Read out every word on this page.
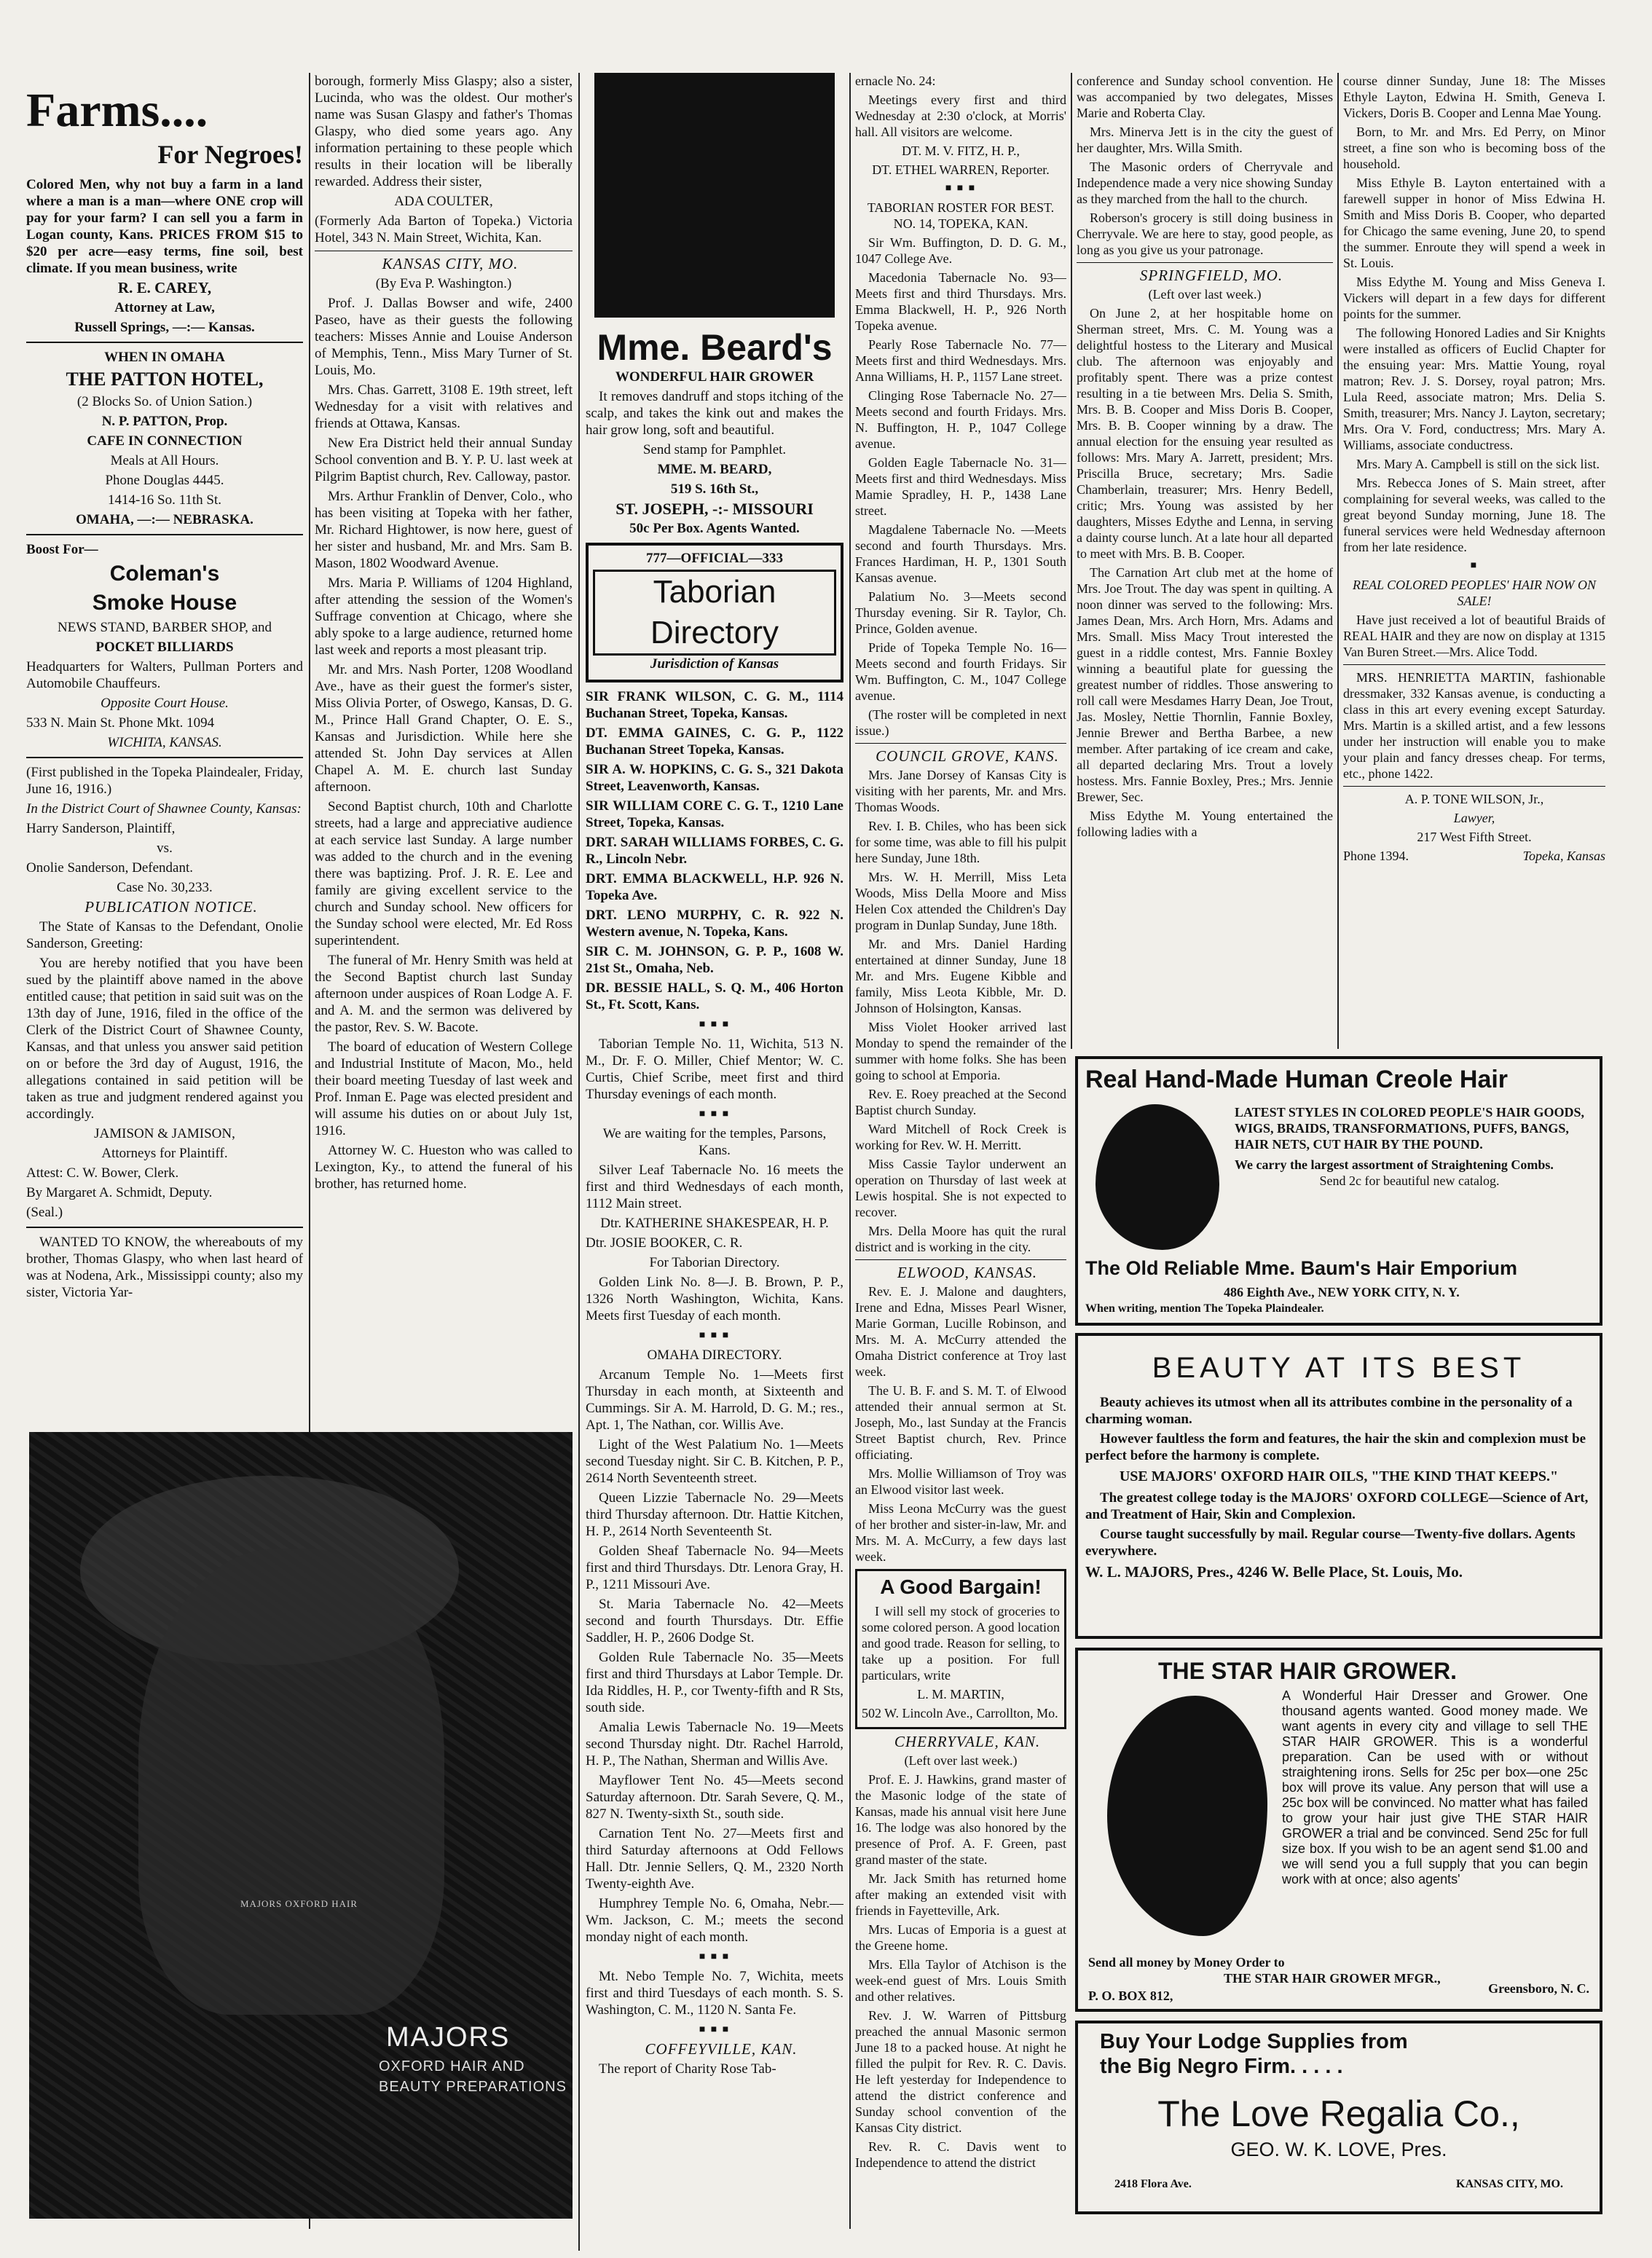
Farms....
For Negroes!

Colored Men, why not buy a farm in a land where a man is a man—where ONE crop will pay for your farm? I can sell you a farm in Logan county, Kans. PRICES FROM $15 to $20 per acre—easy terms, fine soil, best climate. If you mean business, write

R. E. CAREY,

Attorney at Law,

Russell Springs, —:— Kansas.

WHEN IN OMAHA

THE PATTON HOTEL,

(2 Blocks So. of Union Sation.)

N. P. PATTON, Prop.

CAFE IN CONNECTION

Meals at All Hours.

Phone Douglas 4445.

1414-16 So. 11th St.

OMAHA, —:— NEBRASKA.

Boost For—

Coleman's

Smoke House

NEWS STAND, BARBER SHOP, and

POCKET BILLIARDS

Headquarters for Walters, Pullman Porters and Automobile Chauffeurs.

Opposite Court House.

533 N. Main St. Phone Mkt. 1094

WICHITA, KANSAS.

(First published in the Topeka Plaindealer, Friday, June 16, 1916.)

In the District Court of Shawnee County, Kansas:

Harry Sanderson, Plaintiff,

vs.

Onolie Sanderson, Defendant.

Case No. 30,233.

PUBLICATION NOTICE.

The State of Kansas to the Defendant, Onolie Sanderson, Greeting:

You are hereby notified that you have been sued by the plaintiff above named in the above entitled cause; that petition in said suit was on the 13th day of June, 1916, filed in the office of the Clerk of the District Court of Shawnee County, Kansas, and that unless you answer said petition on or before the 3rd day of August, 1916, the allegations contained in said petition will be taken as true and judgment rendered against you accordingly.

JAMISON & JAMISON,

Attorneys for Plaintiff.

Attest: C. W. Bower, Clerk.

By Margaret A. Schmidt, Deputy.

(Seal.)

WANTED TO KNOW, the whereabouts of my brother, Thomas Glaspy, who when last heard of was at Nodena, Ark., Mississippi county; also my sister, Victoria Yar-

borough, formerly Miss Glaspy; also a sister, Lucinda, who was the oldest. Our mother's name was Susan Glaspy and father's Thomas Glaspy, who died some years ago. Any information pertaining to these people which results in their location will be liberally rewarded. Address their sister,

ADA COULTER,

(Formerly Ada Barton of Topeka.) Victoria Hotel, 343 N. Main Street, Wichita, Kan.

KANSAS CITY, MO.

(By Eva P. Washington.)

Prof. J. Dallas Bowser and wife, 2400 Paseo, have as their guests the following teachers: Misses Annie and Louise Anderson of Memphis, Tenn., Miss Mary Turner of St. Louis, Mo.

Mrs. Chas. Garrett, 3108 E. 19th street, left Wednesday for a visit with relatives and friends at Ottawa, Kansas.

New Era District held their annual Sunday School convention and B. Y. P. U. last week at Pilgrim Baptist church, Rev. Calloway, pastor.

Mrs. Arthur Franklin of Denver, Colo., who has been visiting at Topeka with her father, Mr. Richard Hightower, is now here, guest of her sister and husband, Mr. and Mrs. Sam B. Mason, 1802 Woodward Avenue.

Mrs. Maria P. Williams of 1204 Highland, after attending the session of the Women's Suffrage convention at Chicago, where she ably spoke to a large audience, returned home last week and reports a most pleasant trip.

Mr. and Mrs. Nash Porter, 1208 Woodland Ave., have as their guest the former's sister, Miss Olivia Porter, of Oswego, Kansas, D. G. M., Prince Hall Grand Chapter, O. E. S., Kansas and Jurisdiction. While here she attended St. John Day services at Allen Chapel A. M. E. church last Sunday afternoon.

Second Baptist church, 10th and Charlotte streets, had a large and appreciative audience at each service last Sunday. A large number was added to the church and in the evening there was baptizing. Prof. J. R. E. Lee and family are giving excellent service to the church and Sunday school. New officers for the Sunday school were elected, Mr. Ed Ross superintendent.

The funeral of Mr. Henry Smith was held at the Second Baptist church last Sunday afternoon under auspices of Roan Lodge A. F. and A. M. and the sermon was delivered by the pastor, Rev. S. W. Bacote.

The board of education of Western College and Industrial Institute of Macon, Mo., held their board meeting Tuesday of last week and Prof. Inman E. Page was elected president and will assume his duties on or about July 1st, 1916.

Attorney W. C. Hueston who was called to Lexington, Ky., to attend the funeral of his brother, has returned home.

MAJORS OXFORD HAIR
MAJORS
OXFORD HAIR AND
BEAUTY PREPARATIONS
Mme. Beard's

WONDERFUL HAIR GROWER

It removes dandruff and stops itching of the scalp, and takes the kink out and makes the hair grow long, soft and beautiful.

Send stamp for Pamphlet.

MME. M. BEARD,

519 S. 16th St.,

ST. JOSEPH, -:- MISSOURI

50c Per Box. Agents Wanted.

777—OFFICIAL—333

Taborian Directory

Jurisdiction of Kansas

SIR FRANK WILSON, C. G. M., 1114 Buchanan Street, Topeka, Kansas.

DT. EMMA GAINES, C. G. P., 1122 Buchanan Street Topeka, Kansas.

SIR A. W. HOPKINS, C. G. S., 321 Dakota Street, Leavenworth, Kansas.

SIR WILLIAM CORE C. G. T., 1210 Lane Street, Topeka, Kansas.

DRT. SARAH WILLIAMS FORBES, C. G. R., Lincoln Nebr.

DRT. EMMA BLACKWELL, H.P. 926 N. Topeka Ave.

DRT. LENO MURPHY, C. R. 922 N. Western avenue, N. Topeka, Kans.

SIR C. M. JOHNSON, G. P. P., 1608 W. 21st St., Omaha, Neb.

DR. BESSIE HALL, S. Q. M., 406 Horton St., Ft. Scott, Kans.

■ ■ ■

Taborian Temple No. 11, Wichita, 513 N. M., Dr. F. O. Miller, Chief Mentor; W. C. Curtis, Chief Scribe, meet first and third Thursday evenings of each month.

■ ■ ■

We are waiting for the temples, Parsons, Kans.

Silver Leaf Tabernacle No. 16 meets the first and third Wednesdays of each month, 1112 Main street.

Dtr. KATHERINE SHAKESPEAR, H. P.

Dtr. JOSIE BOOKER, C. R.

For Taborian Directory.

Golden Link No. 8—J. B. Brown, P. P., 1326 North Washington, Wichita, Kans. Meets first Tuesday of each month.

■ ■ ■

OMAHA DIRECTORY.

Arcanum Temple No. 1—Meets first Thursday in each month, at Sixteenth and Cummings. Sir A. M. Harrold, D. G. M.; res., Apt. 1, The Nathan, cor. Willis Ave.

Light of the West Palatium No. 1—Meets second Tuesday night. Sir C. B. Kitchen, P. P., 2614 North Seventeenth street.

Queen Lizzie Tabernacle No. 29—Meets third Thursday afternoon. Dtr. Hattie Kitchen, H. P., 2614 North Seventeenth St.

Golden Sheaf Tabernacle No. 94—Meets first and third Thursdays. Dtr. Lenora Gray, H. P., 1211 Missouri Ave.

St. Maria Tabernacle No. 42—Meets second and fourth Thursdays. Dtr. Effie Saddler, H. P., 2606 Dodge St.

Golden Rule Tabernacle No. 35—Meets first and third Thursdays at Labor Temple. Dr. Ida Riddles, H. P., cor Twenty-fifth and R Sts, south side.

Amalia Lewis Tabernacle No. 19—Meets second Thursday night. Dtr. Rachel Harrold, H. P., The Nathan, Sherman and Willis Ave.

Mayflower Tent No. 45—Meets second Saturday afternoon. Dtr. Sarah Severe, Q. M., 827 N. Twenty-sixth St., south side.

Carnation Tent No. 27—Meets first and third Saturday afternoons at Odd Fellows Hall. Dtr. Jennie Sellers, Q. M., 2320 North Twenty-eighth Ave.

Humphrey Temple No. 6, Omaha, Nebr.—Wm. Jackson, C. M.; meets the second monday night of each month.

■ ■ ■

Mt. Nebo Temple No. 7, Wichita, meets first and third Tuesdays of each month. S. S. Washington, C. M., 1120 N. Santa Fe.

■ ■ ■

COFFEYVILLE, KAN.

The report of Charity Rose Tab-

ernacle No. 24:

Meetings every first and third Wednesday at 2:30 o'clock, at Morris' hall. All visitors are welcome.

DT. M. V. FITZ, H. P.,

DT. ETHEL WARREN, Reporter.

■ ■ ■

TABORIAN ROSTER FOR BEST. NO. 14, TOPEKA, KAN.

Sir Wm. Buffington, D. D. G. M., 1047 College Ave.

Macedonia Tabernacle No. 93—Meets first and third Thursdays. Mrs. Emma Blackwell, H. P., 926 North Topeka avenue.

Pearly Rose Tabernacle No. 77—Meets first and third Wednesdays. Mrs. Anna Williams, H. P., 1157 Lane street.

Clinging Rose Tabernacle No. 27—Meets second and fourth Fridays. Mrs. N. Buffington, H. P., 1047 College avenue.

Golden Eagle Tabernacle No. 31—Meets first and third Wednesdays. Miss Mamie Spradley, H. P., 1438 Lane street.

Magdalene Tabernacle No. —Meets second and fourth Thursdays. Mrs. Frances Hardiman, H. P., 1301 South Kansas avenue.

Palatium No. 3—Meets second Thursday evening. Sir R. Taylor, Ch. Prince, Golden avenue.

Pride of Topeka Temple No. 16—Meets second and fourth Fridays. Sir Wm. Buffington, C. M., 1047 College avenue.

(The roster will be completed in next issue.)

COUNCIL GROVE, KANS.

Mrs. Jane Dorsey of Kansas City is visiting with her parents, Mr. and Mrs. Thomas Woods.

Rev. I. B. Chiles, who has been sick for some time, was able to fill his pulpit here Sunday, June 18th.

Mrs. W. H. Merrill, Miss Leta Woods, Miss Della Moore and Miss Helen Cox attended the Children's Day program in Dunlap Sunday, June 18th.

Mr. and Mrs. Daniel Harding entertained at dinner Sunday, June 18 Mr. and Mrs. Eugene Kibble and family, Miss Leota Kibble, Mr. D. Johnson of Holsington, Kansas.

Miss Violet Hooker arrived last Monday to spend the remainder of the summer with home folks. She has been going to school at Emporia.

Rev. E. Roey preached at the Second Baptist church Sunday.

Ward Mitchell of Rock Creek is working for Rev. W. H. Merritt.

Miss Cassie Taylor underwent an operation on Thursday of last week at Lewis hospital. She is not expected to recover.

Mrs. Della Moore has quit the rural district and is working in the city.

ELWOOD, KANSAS.

Rev. E. J. Malone and daughters, Irene and Edna, Misses Pearl Wisner, Marie Gorman, Lucille Robinson, and Mrs. M. A. McCurry attended the Omaha District conference at Troy last week.

The U. B. F. and S. M. T. of Elwood attended their annual sermon at St. Joseph, Mo., last Sunday at the Francis Street Baptist church, Rev. Prince officiating.

Mrs. Mollie Williamson of Troy was an Elwood visitor last week.

Miss Leona McCurry was the guest of her brother and sister-in-law, Mr. and Mrs. M. A. McCurry, a few days last week.

A Good Bargain!

I will sell my stock of groceries to some colored person. A good location and good trade. Reason for selling, to take up a position. For full particulars, write

L. M. MARTIN,

502 W. Lincoln Ave., Carrollton, Mo.

CHERRYVALE, KAN.

(Left over last week.)

Prof. E. J. Hawkins, grand master of the Masonic lodge of the state of Kansas, made his annual visit here June 16. The lodge was also honored by the presence of Prof. A. F. Green, past grand master of the state.

Mr. Jack Smith has returned home after making an extended visit with friends in Fayetteville, Ark.

Mrs. Lucas of Emporia is a guest at the Greene home.

Mrs. Ella Taylor of Atchison is the week-end guest of Mrs. Louis Smith and other relatives.

Rev. J. W. Warren of Pittsburg preached the annual Masonic sermon June 18 to a packed house. At night he filled the pulpit for Rev. R. C. Davis. He left yesterday for Independence to attend the district conference and Sunday school convention of the Kansas City district.

Rev. R. C. Davis went to Independence to attend the district

conference and Sunday school convention. He was accompanied by two delegates, Misses Marie and Roberta Clay.

Mrs. Minerva Jett is in the city the guest of her daughter, Mrs. Willa Smith.

The Masonic orders of Cherryvale and Independence made a very nice showing Sunday as they marched from the hall to the church.

Roberson's grocery is still doing business in Cherryvale. We are here to stay, good people, as long as you give us your patronage.

SPRINGFIELD, MO.

(Left over last week.)

On June 2, at her hospitable home on Sherman street, Mrs. C. M. Young was a delightful hostess to the Literary and Musical club. The afternoon was enjoyably and profitably spent. There was a prize contest resulting in a tie between Mrs. Delia S. Smith, Mrs. B. B. Cooper and Miss Doris B. Cooper, Mrs. B. B. Cooper winning by a draw. The annual election for the ensuing year resulted as follows: Mrs. Mary A. Jarrett, president; Mrs. Priscilla Bruce, secretary; Mrs. Sadie Chamberlain, treasurer; Mrs. Henry Bedell, critic; Mrs. Young was assisted by her daughters, Misses Edythe and Lenna, in serving a dainty course lunch. At a late hour all departed to meet with Mrs. B. B. Cooper.

The Carnation Art club met at the home of Mrs. Joe Trout. The day was spent in quilting. A noon dinner was served to the following: Mrs. James Dean, Mrs. Arch Horn, Mrs. Adams and Mrs. Small. Miss Macy Trout interested the guest in a riddle contest, Mrs. Fannie Boxley winning a beautiful plate for guessing the greatest number of riddles. Those answering to roll call were Mesdames Harry Dean, Joe Trout, Jas. Mosley, Nettie Thornlin, Fannie Boxley, Jennie Brewer and Bertha Barbee, a new member. After partaking of ice cream and cake, all departed declaring Mrs. Trout a lovely hostess. Mrs. Fannie Boxley, Pres.; Mrs. Jennie Brewer, Sec.

Miss Edythe M. Young entertained the following ladies with a

course dinner Sunday, June 18: The Misses Ethyle Layton, Edwina H. Smith, Geneva I. Vickers, Doris B. Cooper and Lenna Mae Young.

Born, to Mr. and Mrs. Ed Perry, on Minor street, a fine son who is becoming boss of the household.

Miss Ethyle B. Layton entertained with a farewell supper in honor of Miss Edwina H. Smith and Miss Doris B. Cooper, who departed for Chicago the same evening, June 20, to spend the summer. Enroute they will spend a week in St. Louis.

Miss Edythe M. Young and Miss Geneva I. Vickers will depart in a few days for different points for the summer.

The following Honored Ladies and Sir Knights were installed as officers of Euclid Chapter for the ensuing year: Mrs. Mattie Young, royal matron; Rev. J. S. Dorsey, royal patron; Mrs. Lula Reed, associate matron; Mrs. Delia S. Smith, treasurer; Mrs. Nancy J. Layton, secretary; Mrs. Ora V. Ford, conductress; Mrs. Mary A. Williams, associate conductress.

Mrs. Mary A. Campbell is still on the sick list.

Mrs. Rebecca Jones of S. Main street, after complaining for several weeks, was called to the great beyond Sunday morning, June 18. The funeral services were held Wednesday afternoon from her late residence.

■

REAL COLORED PEOPLES' HAIR NOW ON SALE!

Have just received a lot of beautiful Braids of REAL HAIR and they are now on display at 1315 Van Buren Street.—Mrs. Alice Todd.

MRS. HENRIETTA MARTIN, fashionable dressmaker, 332 Kansas avenue, is conducting a class in this art every evening except Saturday. Mrs. Martin is a skilled artist, and a few lessons under her instruction will enable you to make your plain and fancy dresses cheap. For terms, etc., phone 1422.

A. P. TONE WILSON, Jr.,

Lawyer,

217 West Fifth Street.

Phone 1394.	Topeka, Kansas
Real Hand-Made Human Creole Hair
LATEST STYLES IN COLORED PEOPLE'S HAIR GOODS, WIGS, BRAIDS, TRANSFORMATIONS, PUFFS, BANGS, HAIR NETS, CUT HAIR BY THE POUND.
We carry the largest assortment of Straightening Combs.
Send 2c for beautiful new catalog.
The Old Reliable Mme. Baum's Hair Emporium
486 Eighth Ave., NEW YORK CITY, N. Y.
When writing, mention The Topeka Plaindealer.
BEAUTY AT ITS BEST

Beauty achieves its utmost when all its attributes combine in the personality of a charming woman.

However faultless the form and features, the hair the skin and complexion must be perfect before the harmony is complete.

USE MAJORS' OXFORD HAIR OILS, "THE KIND THAT KEEPS."

The greatest college today is the MAJORS' OXFORD COLLEGE—Science of Art, and Treatment of Hair, Skin and Complexion.

Course taught successfully by mail. Regular course—Twenty-five dollars. Agents everywhere.

W. L. MAJORS, Pres., 4246 W. Belle Place, St. Louis, Mo.

THE STAR HAIR GROWER.
A Wonderful Hair Dresser and Grower. One thousand agents wanted. Good money made. We want agents in every city and village to sell THE STAR HAIR GROWER. This is a wonderful preparation. Can be used with or without straightening irons. Sells for 25c per box—one 25c box will prove its value. Any person that will use a 25c box will be convinced. No matter what has failed to grow your hair just give THE STAR HAIR GROWER a trial and be convinced. Send 25c for full size box. If you wish to be an agent send $1.00 and we will send you a full supply that you can begin work with at once; also agents'
Send all money by Money Order to
THE STAR HAIR GROWER MFGR.,
P. O. BOX 812,	Greensboro, N. C.
Buy Your Lodge Supplies from
the Big Negro Firm. . . . .
The Love Regalia Co.,
GEO. W. K. LOVE, Pres.
2418 Flora Ave.	KANSAS CITY, MO.
